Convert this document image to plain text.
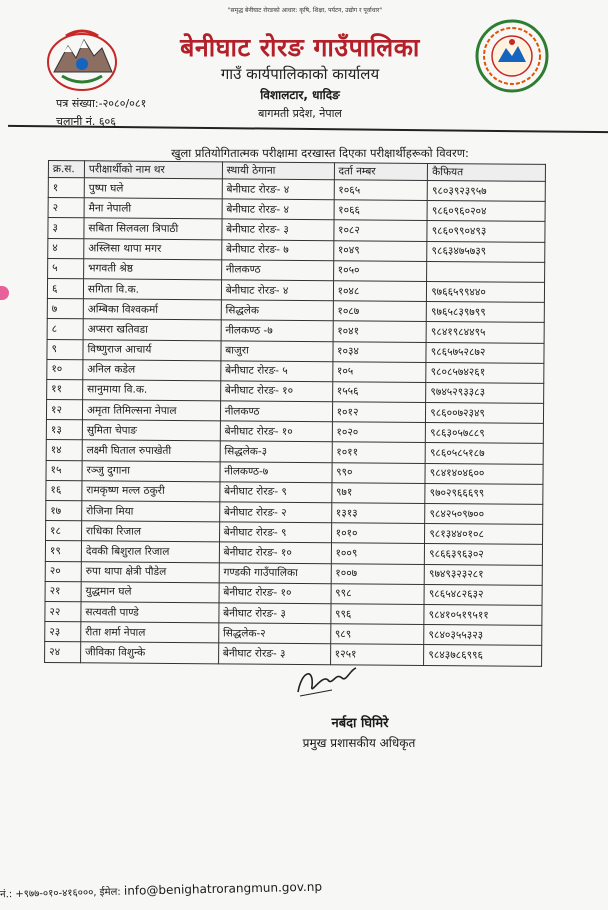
"समृद्ध बेनीघाट रोरङको आधार: कृषि, शिक्षा, पर्यटन, उद्योग र पूर्वाधार"
बेनीघाट रोरङ गाउँपालिका
गाउँ कार्यपालिकाको कार्यालय
विशालटार, धादिङ
बागमती प्रदेश, नेपाल
पत्र संख्या:-२०८०/०८१
चलानी नं. ६०६
खुला प्रतियोगितात्मक परीक्षामा दरखास्त दिएका परीक्षार्थीहरूको विवरण:
क्र.स.	परीक्षार्थीको नाम थर	स्थायी ठेगाना	दर्ता नम्बर	कैफियत
१	पुष्पा घले	बेनीघाट रोरङ- ४	१०६५	९८०३९२३९५७
२	मैना नेपाली	बेनीघाट रोरङ- ४	१०६६	९८६०९६०२०४
३	सबिता सिलवला त्रिपाठी	बेनीघाट रोरङ- ३	१०८२	९८६०९९०४९३
४	अस्लिसा थापा मगर	बेनीघाट रोरङ- ७	१०४९	९८६३४७५७३९
५	भगवती श्रेष्ठ	नीलकण्ठ	१०५०	
६	सगिता वि.क.	बेनीघाट रोरङ- ४	१०४८	९७६६५९९४४०
७	अम्बिका विश्वकर्मा	सिद्धलेक	१०८७	९७६५८३९७९९
८	अप्सरा खतिवडा	नीलकण्ठ -७	१०४१	९८४१९८४४९५
९	विष्णुराज आचार्य	बाजुरा	१०३४	९८६५७५२८७२
१०	अनिल कडेल	बेनीघाट रोरङ- ५	१०५	९८०८५७४२६१
११	सानुमाया वि.क.	बेनीघाट रोरङ- १०	१५५६	९७४५२९३३८३
१२	अमृता तिमिल्सना नेपाल	नीलकण्ठ	१०१२	९८६००७२३४९
१३	सुमिता चेपाङ	बेनीघाट रोरङ- १०	१०२०	९८६३०५७८८९
१४	लक्ष्मी घिताल रुपाखेती	सिद्धलेक-३	१०११	९८६०५८५१८७
१५	रञ्जु दुगाना	नीलकण्ठ-७	९९०	९८४१४०४६००
१६	रामकृष्ण मल्ल ठकुरी	बेनीघाट रोरङ- ९	९७१	९७०२९६६६९९
१७	रोजिना मिया	बेनीघाट रोरङ- २	१३१३	९८४२५०९७००
१८	राधिका रिजाल	बेनीघाट रोरङ- ९	१०१०	९८१३४४०१०८
१९	देवकी बिशुराल रिजाल	बेनीघाट रोरङ- १०	१००९	९८६६३९६३०२
२०	रुपा थापा क्षेत्री पौडेल	गण्डकी गाउँपालिका	१००७	९७४९३२३२८१
२१	युद्धमान घले	बेनीघाट रोरङ- १०	९९८	९८६५४८२६३२
२२	सत्यवती पाण्डे	बेनीघाट रोरङ- ३	९९६	९८४१०५१९५११
२३	रीता शर्मा नेपाल	सिद्धलेक-२	९८९	९८४०३५५३२३
२४	जीविका विशुन्के	बेनीघाट रोरङ- ३	१२५१	९८४३७८६९९६
नर्बदा घिमिरे
प्रमुख प्रशासकीय अधिकृत
नं.: +९७७-०१०-४१६०००, ईमेल: info@benighatrorangmun.gov.np
